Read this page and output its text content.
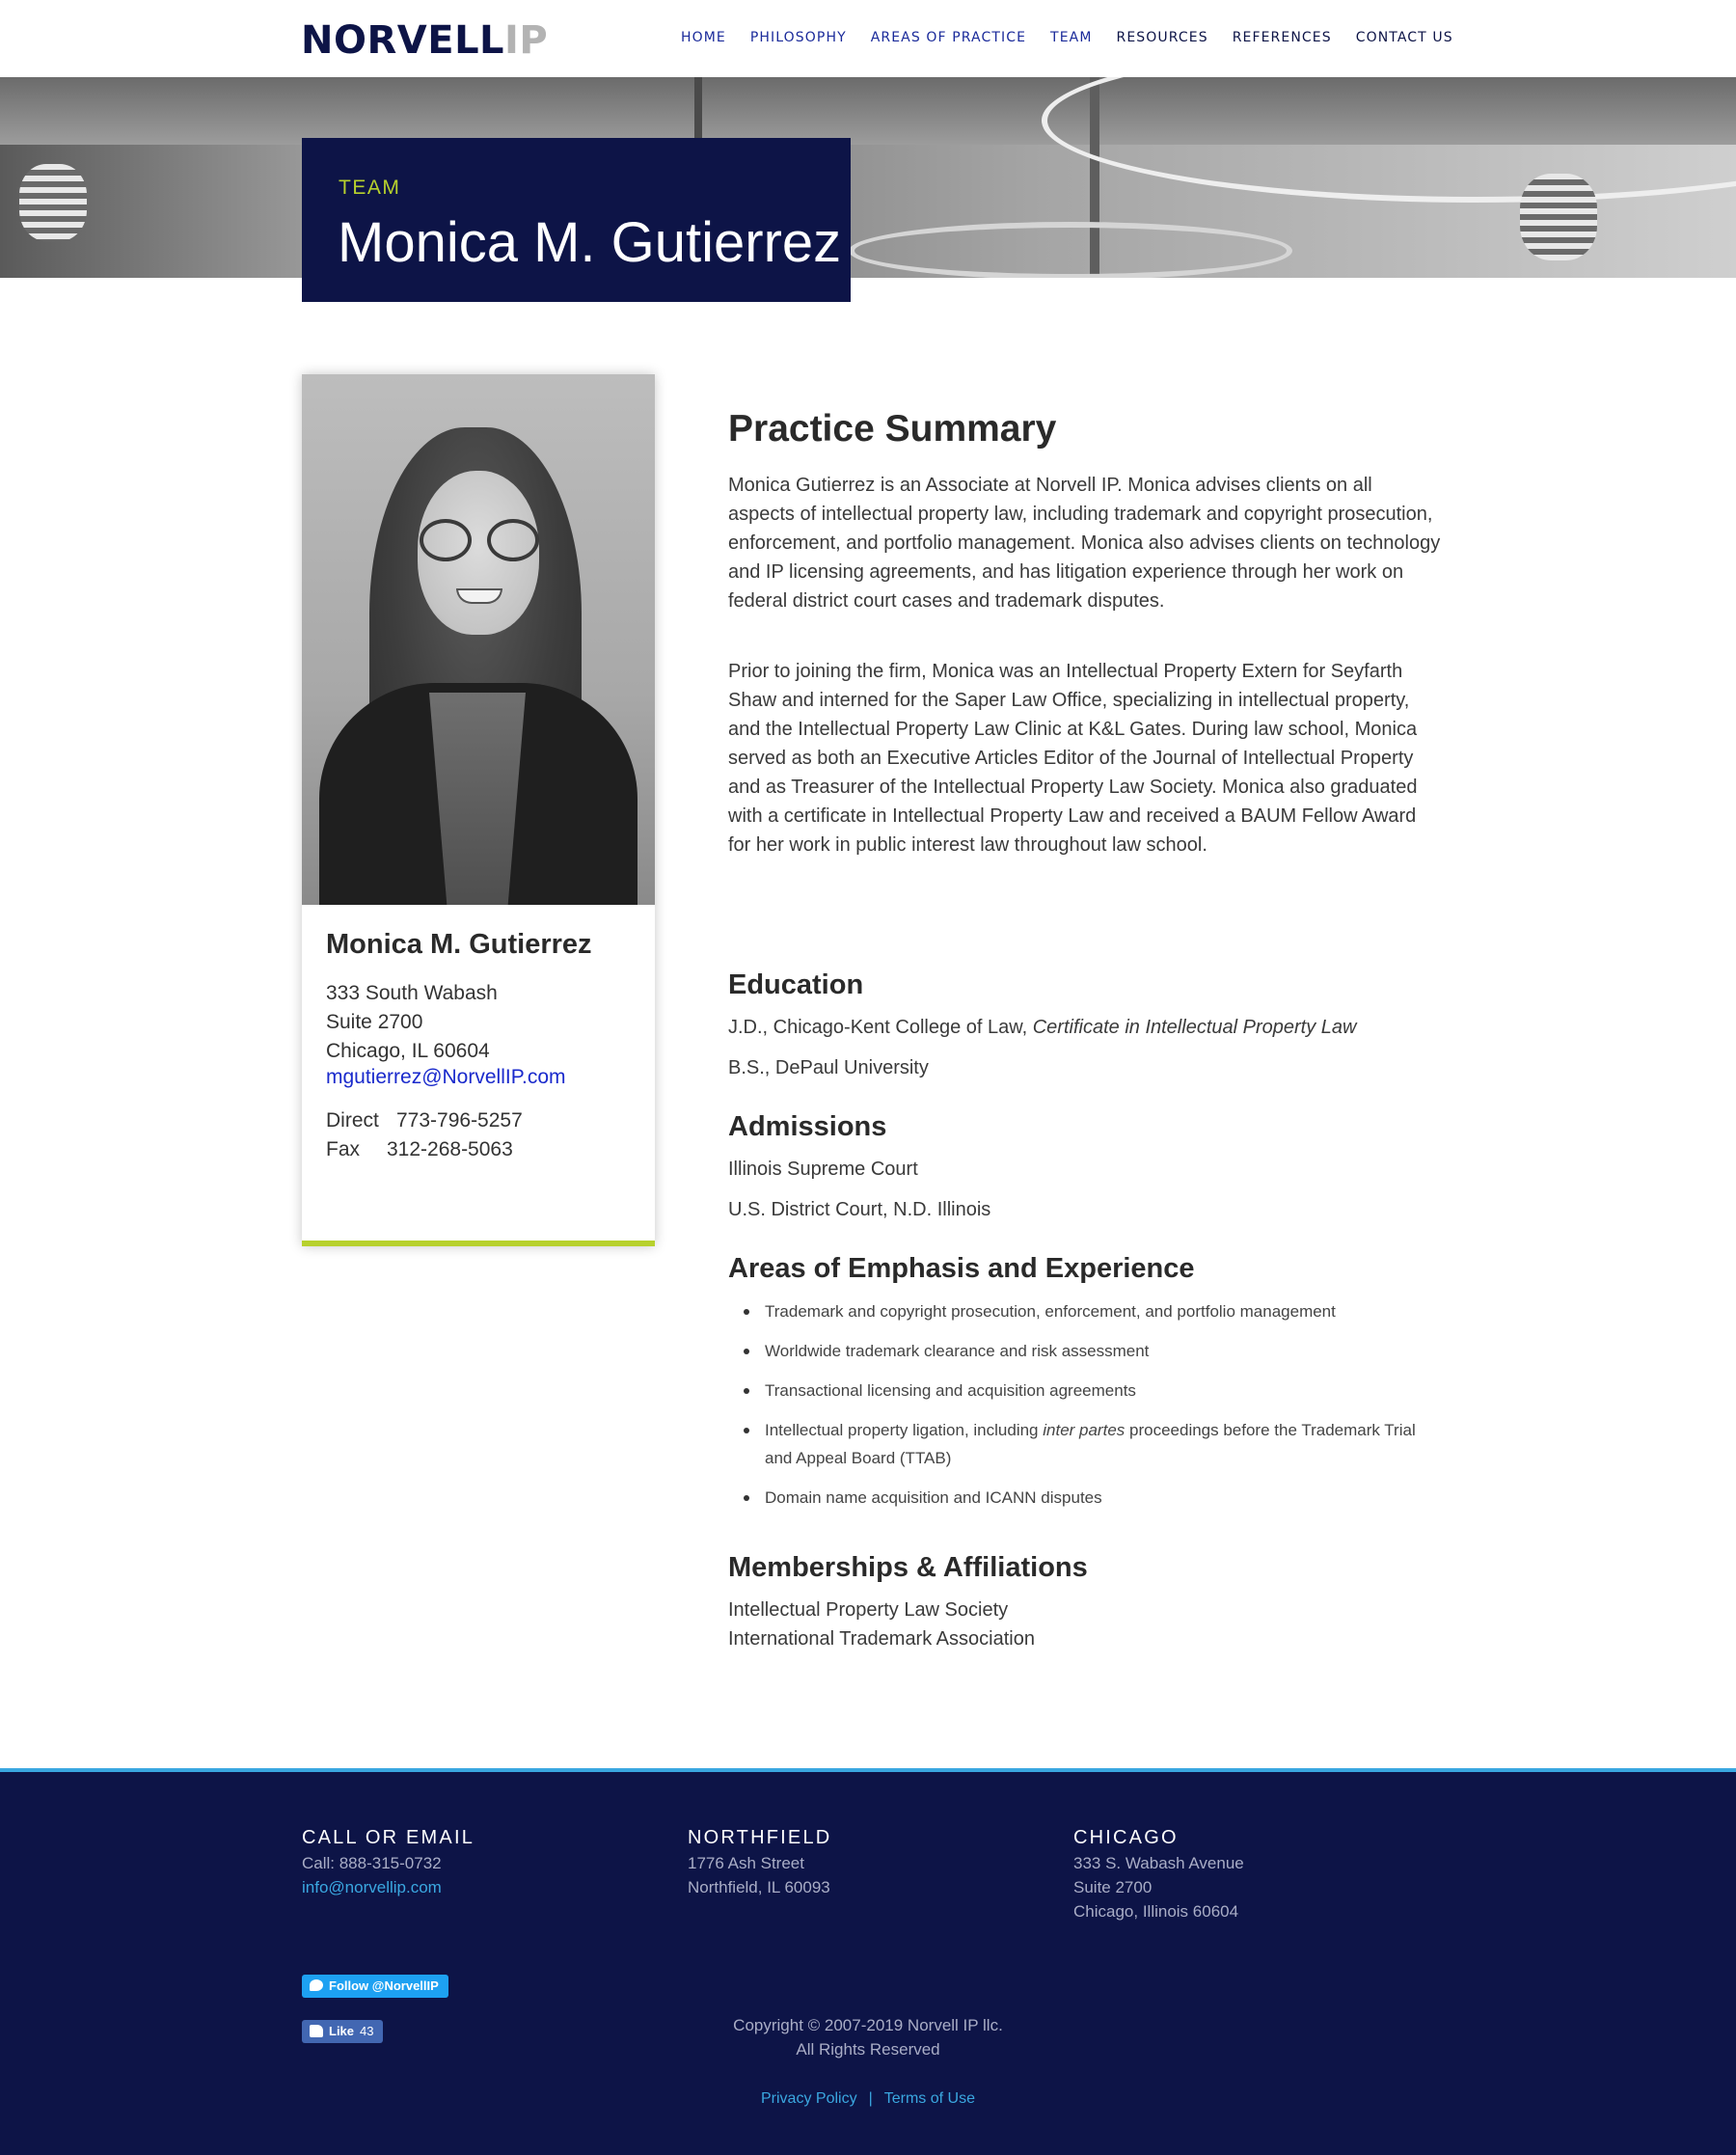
NORVELLIP	HOME PHILOSOPHY AREAS OF PRACTICE TEAM RESOURCES REFERENCES CONTACT US
TEAM
Monica M. Gutierrez
Monica M. Gutierrez
333 South Wabash
Suite 2700
Chicago, IL 60604
mgutierrez@NorvellIP.com
Direct 773-796-5257
Fax 312-268-5063
Practice Summary

Monica Gutierrez is an Associate at Norvell IP. Monica advises clients on all aspects of intellectual property law, including trademark and copyright prosecution, enforcement, and portfolio management. Monica also advises clients on technology and IP licensing agreements, and has litigation experience through her work on federal district court cases and trademark disputes.

Prior to joining the firm, Monica was an Intellectual Property Extern for Seyfarth Shaw and interned for the Saper Law Office, specializing in intellectual property, and the Intellectual Property Law Clinic at K&L Gates. During law school, Monica served as both an Executive Articles Editor of the Journal of Intellectual Property and as Treasurer of the Intellectual Property Law Society. Monica also graduated with a certificate in Intellectual Property Law and received a BAUM Fellow Award for her work in public interest law throughout law school.

Education

J.D., Chicago-Kent College of Law, Certificate in Intellectual Property Law

B.S., DePaul University

Admissions

Illinois Supreme Court

U.S. District Court, N.D. Illinois

Areas of Emphasis and Experience
Trademark and copyright prosecution, enforcement, and portfolio management
Worldwide trademark clearance and risk assessment
Transactional licensing and acquisition agreements
Intellectual property ligation, including inter partes proceedings before the Trademark Trial and Appeal Board (TTAB)
Domain name acquisition and ICANN disputes
Memberships & Affiliations

Intellectual Property Law Society

International Trademark Association

CALL OR EMAIL
Call: 888-315-0732
info@norvellip.com
Follow @NorvellIP
Like 43
NORTHFIELD
1776 Ash Street
Northfield, IL 60093
CHICAGO
333 S. Wabash Avenue
Suite 2700
Chicago, Illinois 60604
Copyright © 2007-2019 Norvell IP llc.
All Rights Reserved
Privacy Policy | Terms of Use
